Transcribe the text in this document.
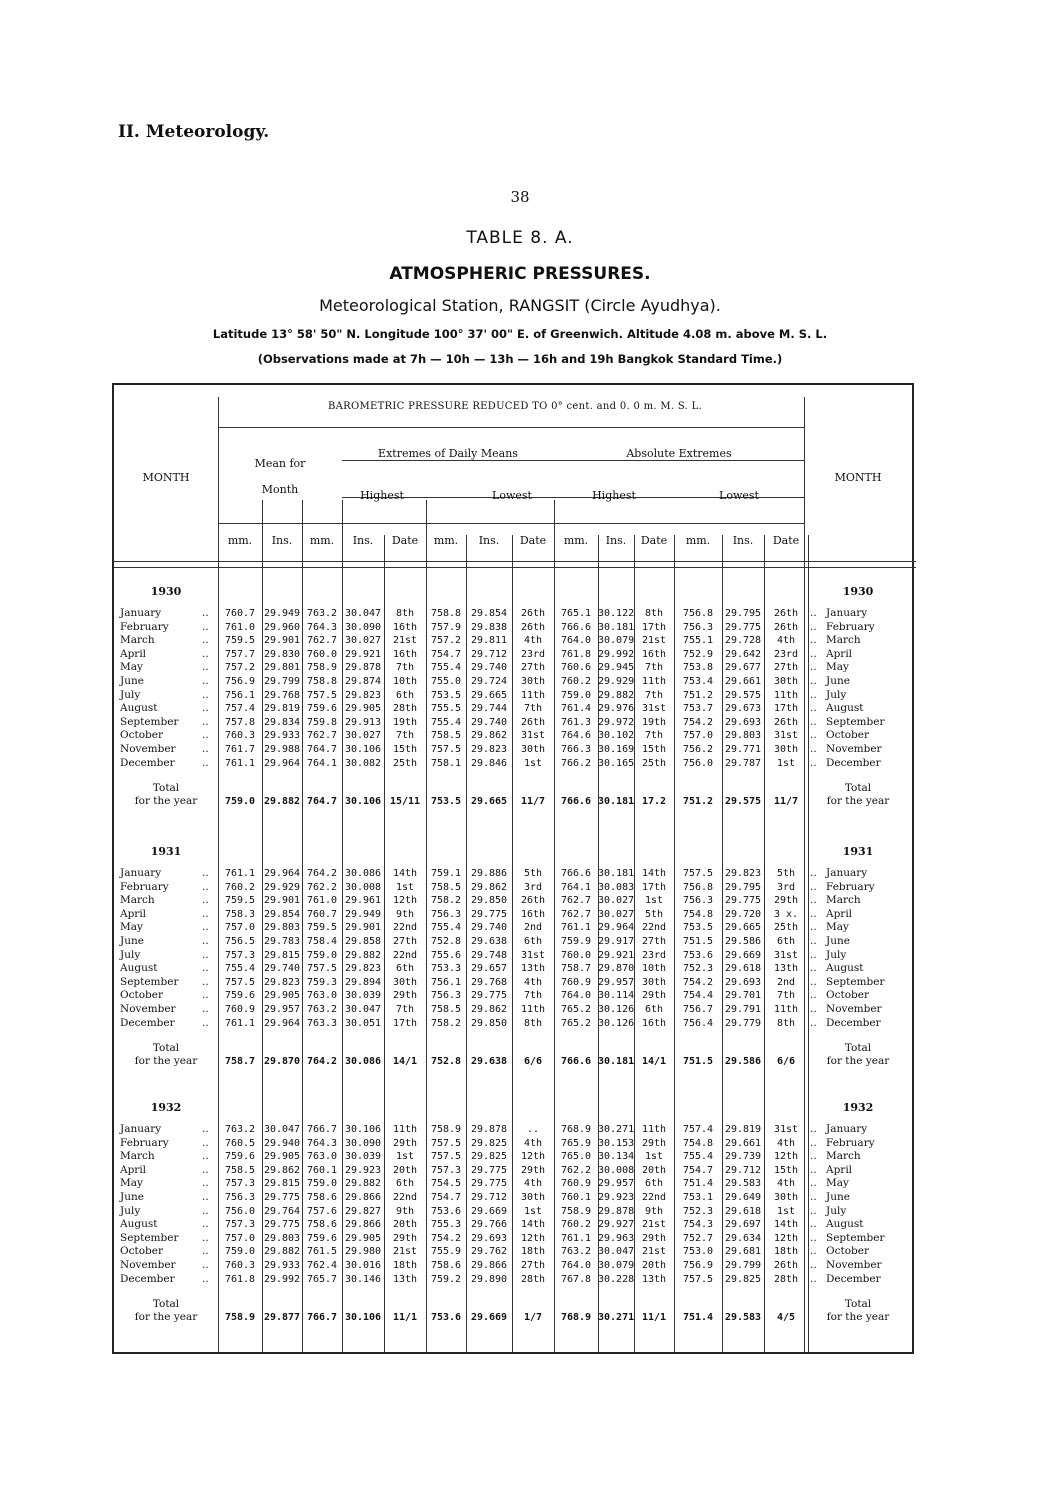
II. Meteorology.
38
TABLE 8. A.
ATMOSPHERIC PRESSURES.
Meteorological Station, RANGSIT (Circle Ayudhya).
Latitude 13° 58' 50" N. Longitude 100° 37' 00" E. of Greenwich. Altitude 4.08 m. above M. S. L.
(Observations made at 7h — 10h — 13h — 16h and 19h Bangkok Standard Time.)
BAROMETRIC PRESSURE REDUCED TO 0° cent. and 0. 0 m. M. S. L.
MONTH	MONTH
Mean for
Month
Extremes of Daily Means	Absolute Extremes
Highest	Lowest	Highest	Lowest
mm.	Ins.	mm.	Ins.	Date	mm.	Ins.	Date	mm.	Ins.	Date	mm.	Ins.	Date
1930	1930
January	..	760.7 29.949 763.2 30.047	8th	758.8 29.854	26th	765.1 30.122	8th	756.8	29.795	26th	.. January
February	..	761.0 29.960 764.3 30.090	16th	757.9 29.838	26th	766.6 30.181 17th	756.3	29.775	26th	.. February
March	..	759.5 29.901 762.7 30.027	21st	757.2 29.811	4th	764.0 30.079 21st	755.1	29.728	4th	.. March
April	..	757.7 29.830 760.0 29.921	16th	754.7 29.712	23rd	761.8 29.992 16th	752.9	29.642	23rd	.. April
May	..	757.2 29.801 758.9 29.878	7th	755.4 29.740	27th	760.6 29.945	7th	753.8	29.677	27th	.. May
June	..	756.9 29.799 758.8 29.874	10th	755.0 29.724	30th	760.2 29.929 11th	753.4	29.661	30th	.. June
July	..	756.1 29.768 757.5 29.823	6th	753.5 29.665	11th	759.0 29.882	7th	751.2	29.575	11th	.. July
August	..	757.4 29.819 759.6 29.905	28th	755.5 29.744	7th	761.4 29.976 31st	753.7	29.673	17th	.. August
September	..	757.8 29.834 759.8 29.913	19th	755.4 29.740	26th	761.3 29.972 19th	754.2	29.693	26th	.. September
October	..	760.3 29.933 762.7 30.027	7th	758.5 29.862	31st	764.6 30.102	7th	757.0	29.803	31st	.. October
November	..	761.7 29.988 764.7 30.106	15th	757.5 29.823	30th	766.3 30.169 15th	756.2	29.771	30th	.. November
December	..	761.1 29.964 764.1 30.082	25th	758.1 29.846	1st	766.2 30.165 25th	756.0	29.787	1st	.. December
Total
for the year
Total
for the year
759.0 29.882 764.7 30.106 15/11	753.5 29.665	11/7	766.6 30.181 17.2	751.2	29.575	11/7
1931	1931
January	..	761.1 29.964 764.2 30.086	14th	759.1 29.886	5th	766.6 30.181 14th	757.5	29.823	5th	.. January
February	..	760.2 29.929 762.2 30.008	1st	758.5 29.862	3rd	764.1 30.083 17th	756.8	29.795	3rd	.. February
March	..	759.5 29.901 761.0 29.961	12th	758.2 29.850	26th	762.7 30.027	1st	756.3	29.775	29th	.. March
April	..	758.3 29.854 760.7 29.949	9th	756.3 29.775	16th	762.7 30.027	5th	754.8	29.720	3 x.	.. April
May	..	757.0 29.803 759.5 29.901	22nd	755.4 29.740	2nd	761.1 29.964 22nd	753.5	29.665	25th	.. May
June	..	756.5 29.783 758.4 29.858	27th	752.8 29.638	6th	759.9 29.917 27th	751.5	29.586	6th	.. June
July	..	757.3 29.815 759.0 29.882	22nd	755.6 29.748	31st	760.0 29.921 23rd	753.6	29.669	31st	.. July
August	..	755.4 29.740 757.5 29.823	6th	753.3 29.657	13th	758.7 29.870 10th	752.3	29.618	13th	.. August
September	..	757.5 29.823 759.3 29.894	30th	756.1 29.768	4th	760.9 29.957 30th	754.2	29.693	2nd	.. September
October	..	759.6 29.905 763.0 30.039	29th	756.3 29.775	7th	764.0 30.114 29th	754.4	29.701	7th	.. October
November	..	760.9 29.957 763.2 30.047	7th	758.5 29.862	11th	765.2 30.126	6th	756.7	29.791	11th	.. November
December	..	761.1 29.964 763.3 30.051	17th	758.2 29.850	8th	765.2 30.126 16th	756.4	29.779	8th	.. December
Total
for the year
Total
for the year
758.7 29.870 764.2 30.086	14/1	752.8 29.638	6/6	766.6 30.181 14/1	751.5	29.586	6/6
1932	1932
January	..	763.2 30.047 766.7 30.106	11th	758.9 29.878	..	768.9 30.271 11th	757.4	29.819	31st	.. January
February	..	760.5 29.940 764.3 30.090	29th	757.5 29.825	4th	765.9 30.153 29th	754.8	29.661	4th	.. February
March	..	759.6 29.905 763.0 30.039	1st	757.5 29.825	12th	765.0 30.134	1st	755.4	29.739	12th	.. March
April	..	758.5 29.862 760.1 29.923	20th	757.3 29.775	29th	762.2 30.008 20th	754.7	29.712	15th	.. April
May	..	757.3 29.815 759.0 29.882	6th	754.5 29.775	4th	760.9 29.957	6th	751.4	29.583	4th	.. May
June	..	756.3 29.775 758.6 29.866	22nd	754.7 29.712	30th	760.1 29.923 22nd	753.1	29.649	30th	.. June
July	..	756.0 29.764 757.6 29.827	9th	753.6 29.669	1st	758.9 29.878	9th	752.3	29.618	1st	.. July
August	..	757.3 29.775 758.6 29.866	20th	755.3 29.766	14th	760.2 29.927 21st	754.3	29.697	14th	.. August
September	..	757.0 29.803 759.6 29.905	29th	754.2 29.693	12th	761.1 29.963 29th	752.7	29.634	12th	.. September
October	..	759.0 29.882 761.5 29.980	21st	755.9 29.762	18th	763.2 30.047 21st	753.0	29.681	18th	.. October
November	..	760.3 29.933 762.4 30.016	18th	758.6 29.866	27th	764.0 30.079 20th	756.9	29.799	26th	.. November
December	..	761.8 29.992 765.7 30.146	13th	759.2 29.890	28th	767.8 30.228 13th	757.5	29.825	28th	.. December
Total
for the year
Total
for the year
758.9 29.877 766.7 30.106	11/1	753.6 29.669	1/7	768.9 30.271 11/1	751.4	29.583	4/5
